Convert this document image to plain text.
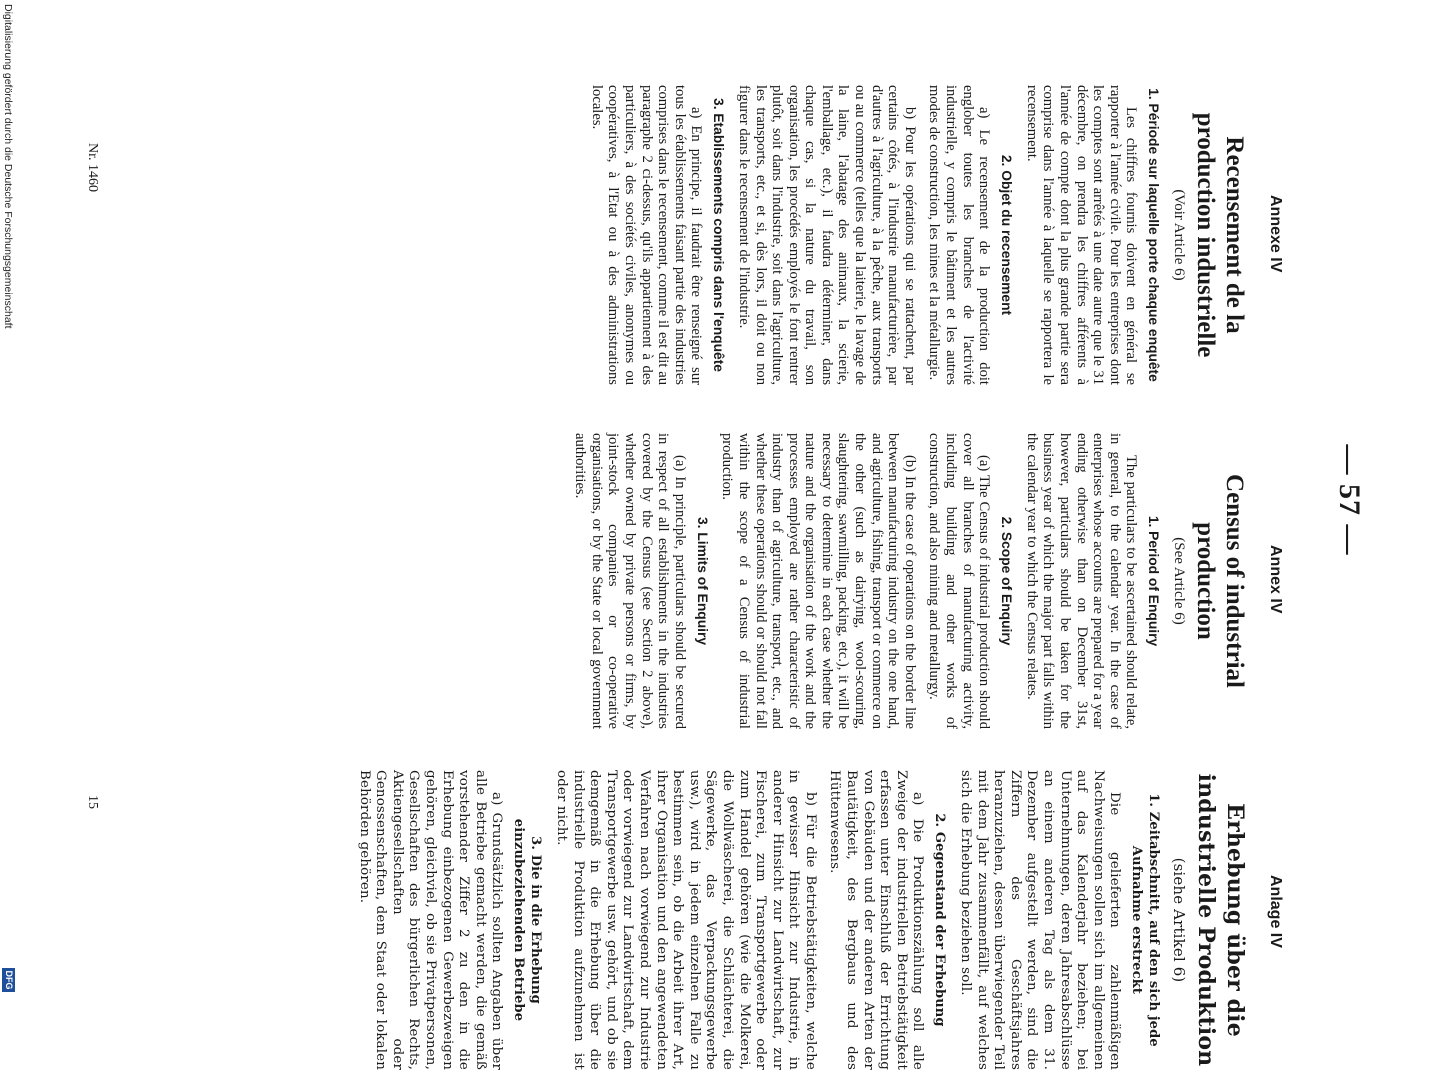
— 57 —
Annexe IV
Annex IV
Anlage IV
Recensement de la production industrielle
(Voir Article 6)
1. Période sur laquelle porte chaque enquête

Les chiffres fournis doivent en général se rapporter à l'année civile. Pour les entreprises dont les comptes sont arrêtés à une date autre que le 31 décembre, on prendra les chiffres afférents à l'année de compte dont la plus grande partie sera comprise dans l'année à laquelle se rapportera le recensement.

2. Objet du recensement

a) Le recensement de la production doit englober toutes les branches de l'activité industrielle, y compris le bâtiment et les autres modes de construction, les mines et la métallurgie.

b) Pour les opérations qui se rattachent, par certains côtés, à l'industrie manufacturière, par d'autres à l'agriculture, à la pêche, aux transports ou au commerce (telles que la laiterie, le lavage de la laine, l'abatage des animaux, la scierie, l'emballage, etc.), il faudra déterminer, dans chaque cas, si la nature du travail, son organisation, les procédés employés le font rentrer plutôt, soit dans l'industrie, soit dans l'agriculture, les transports, etc., et si, dès lors, il doit ou non figurer dans le recensement de l'industrie.

3. Etablissements compris dans l'enquête

a) En principe, il faudrait être renseigné sur tous les établissements faisant partie des industries comprises dans le recensement, comme il est dit au paragraphe 2 ci-dessus, qu'ils appartiennent à des particuliers, à des sociétés civiles, anonymes ou coopératives, à l'Etat ou à des administrations locales.

Census of industrial production
(See Article 6)
1. Period of Enquiry

The particulars to be ascertained should relate, in general, to the calendar year. In the case of enterprises whose accounts are prepared for a year ending otherwise than on December 31st, however, particulars should be taken for the business year of which the major part falls within the calendar year to which the Census relates.

2. Scope of Enquiry

(a) The Census of industrial production should cover all branches of manufacturing activity, including building and other works of construction, and also mining and metallurgy.

(b) In the case of operations on the border line between manufacturing industry on the one hand, and agriculture, fishing, transport or commerce on the other (such as dairying, wool-scouring, slaughtering, sawmilling, packing, etc.), it will be necessary to determine in each case whether the nature and the organisation of the work and the processes employed are rather characteristic of industry than of agriculture, transport, etc., and whether these operations should or should not fall within the scope of a Census of industrial production.

3. Limits of Enquiry

(a) In principle, particulars should be secured in respect of all establishments in the industries covered by the Census (see Section 2 above), whether owned by private persons or firms, by joint-stock companies or co-operative organisations, or by the State or local government authorities.

Erhebung über die industrielle Produktion
(siehe Artikel 6)
1. Zeitabschnitt, auf den sich jede Aufnahme erstreckt

Die gelieferten zahlenmäßigen Nachweisungen sollen sich im allgemeinen auf das Kalenderjahr beziehen; bei Unternehmungen, deren Jahresabschlüsse an einem anderen Tag als dem 31. Dezember aufgestellt werden, sind die Ziffern des Geschäftsjahres heranzuziehen, dessen überwiegender Teil mit dem Jahr zusammenfällt, auf welches sich die Erhebung beziehen soll.

2. Gegenstand der Erhebung

a) Die Produktionszählung soll alle Zweige der industriellen Betriebstätigkeit erfassen unter Einschluß der Errichtung von Gebäuden und der anderen Arten der Bautätigkeit, des Bergbaus und des Hüttenwesens.

b) Für die Betriebstätigkeiten, welche in gewisser Hinsicht zur Industrie, in anderer Hinsicht zur Landwirtschaft, zur Fischerei, zum Transportgewerbe oder zum Handel gehören (wie die Molkerei, die Wollwäscherei, die Schlächterei, die Sägewerke, das Verpackungsgewerbe usw.), wird in jedem einzelnen Falle zu bestimmen sein, ob die Arbeit ihrer Art, ihrer Organisation und den angewendeten Verfahren nach vorwiegend zur Industrie oder vorwiegend zur Landwirtschaft, dem Transportgewerbe usw. gehört, und ob sie demgemäß in die Erhebung über die industrielle Produktion aufzunehmen ist oder nicht.

3. Die in die Erhebung einzubeziehenden Betriebe

a) Grundsätzlich sollten Angaben über alle Betriebe gemacht werden, die gemäß vorstehender Ziffer 2 zu den in die Erhebung einbezogenen Gewerbezweigen gehören, gleichviel, ob sie Privatpersonen, Gesellschaften des bürgerlichen Rechts, Aktiengesellschaften oder Genossenschaften, dem Staat oder lokalen Behörden gehören.

Nr. 1460
15
Digitalisierung gefördert durch die Deutsche Forschungsgemeinschaft
DFG
